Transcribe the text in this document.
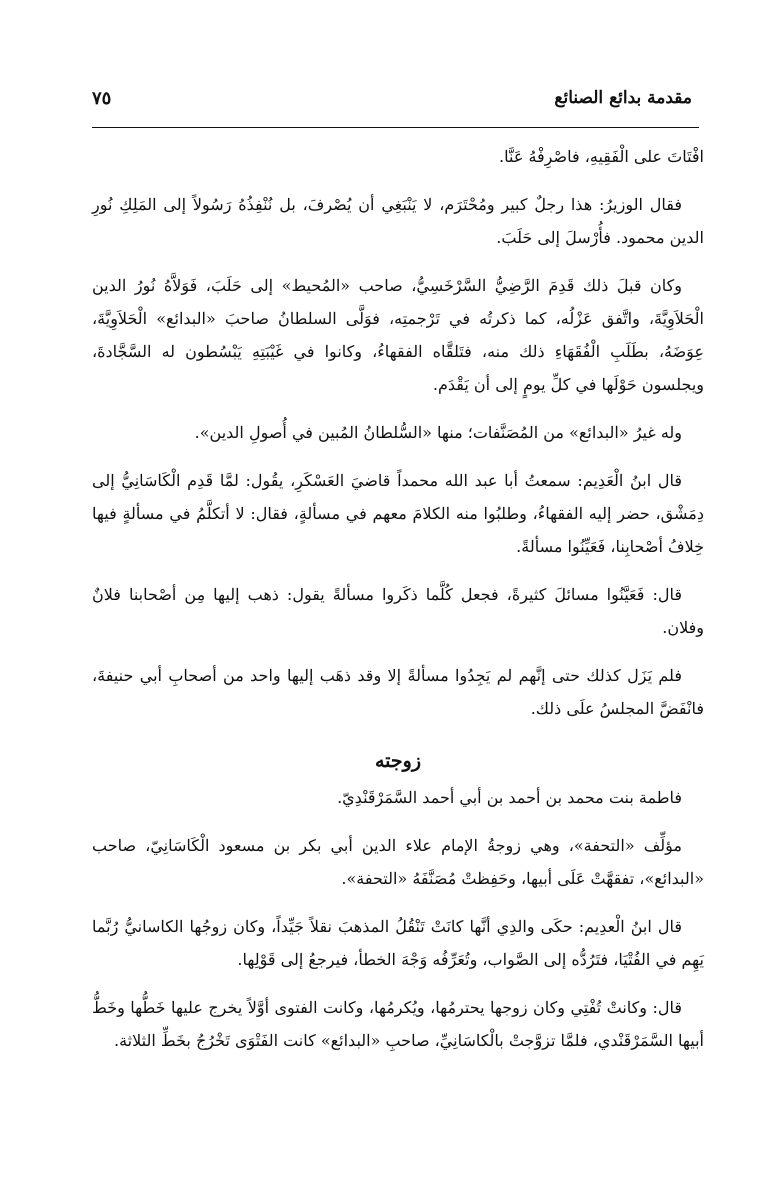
مقدمة بدائع الصنائع
٧٥

افْتَاتَ على الْفَقِيهِ، فاصْرِفْهُ عَنَّا.

فقال الوزيرُ: هذا رجلٌ كبير ومُحْتَرَم، لا يَنْبَغِي أن يُصْرفَ، بل نُنْفِذُهُ رَسُولاً إلى المَلِكِ نُورِ الدين محمود. فأُرْسلَ إلى حَلَبَ.

وكان قبلَ ذلك قَدِمَ الرَّضِيُّ السَّرْخَسِيُّ، صاحب «المُحيط» إلى حَلَبَ، فَوَلاَّهُ نُورُ الدين الْحَلاَوِيَّةَ، واتَّفق عَزْلُه، كما ذكرتُه في تَرْجمتِه، فوَلَّى السلطانُ صاحبَ «البدائع» الْحَلاَوِيَّةَ، عِوَضَهُ، بطَلَبِ الْفُقَهَاءِ ذلك منه، فتَلقَّاه الفقهاءُ، وكانوا في غَيْبَتِهِ يَبْسُطون له السَّجَّادةَ، ويجلسون حَوْلَها في كلِّ يومٍ إلى أن يَقْدَم.

وله غيرُ «البدائع» من المُصَنَّفات؛ منها «السُّلطانُ المُبين في أُصولِ الدين».

قال ابنُ الْعَدِيم: سمعتُ أبا عبد الله محمداً قاضيَ العَسْكَرِ، يقُول: لمَّا قَدِم الْكَاسَانِيُّ إلى دِمَشْق، حضر إليه الفقهاءُ، وطلبُوا منه الكلامَ معهم في مسألةٍ، فقال: لا أتكلَّمُ في مسألةٍ فيها خِلافُ أصْحابِنا، فَعَيِّنُوا مسألةً.

قال: فَعَيَّنُوا مسائلَ كثيرةً، فجعل كُلَّما ذكَروا مسألةً يقول: ذهب إليها مِن أصْحابنا فلانٌ وفلان.

فلم يَزَل كذلك حتى إنَّهم لم يَجِدُوا مسألةً إلا وقد ذهَب إليها واحد من أصحابِ أبي حنيفةَ، فانْفَضَّ المجلسُ علَى ذلك.

زوجته

فاطمة بنت محمد بن أحمد بن أبي أحمد السَّمَرْقَنْدِيّ.

مؤلِّف «التحفة»، وهي زوجةُ الإمام علاء الدين أبي بكر بن مسعود الْكَاسَانِيّ، صاحب «البدائع»، تفقهَّتْ عَلَى أبيها، وحَفِظتْ مُصَنَّفَهُ «التحفة».

قال ابنُ الْعدِيم: حكَى والدِي أنَّها كانَتْ تَنْقُلُ المذهبَ نقلاً جَيِّداً، وكان زوجُها الكاسانيُّ رُبَّما يَهِم في الفُتْيَا، فتَرُدُّه إلى الصَّواب، وتُعَرِّفُه وَجْهَ الخطأ، فيرجعُ إلى قَوْلِها.

قال: وكانتْ تُفْتِي وكان زوجها يحترمُها، ويُكرمُها، وكانت الفتوى أوَّلاً يخرج عليها خَطُّها وخَطُّ أبيها السَّمَرْقَنْدي، فلمَّا تزوَّجتْ بالْكاسَانِيِّ، صاحبِ «البدائع» كانت الفَتْوَى تَخْرُجُ بخَطِّ الثلاثة.
